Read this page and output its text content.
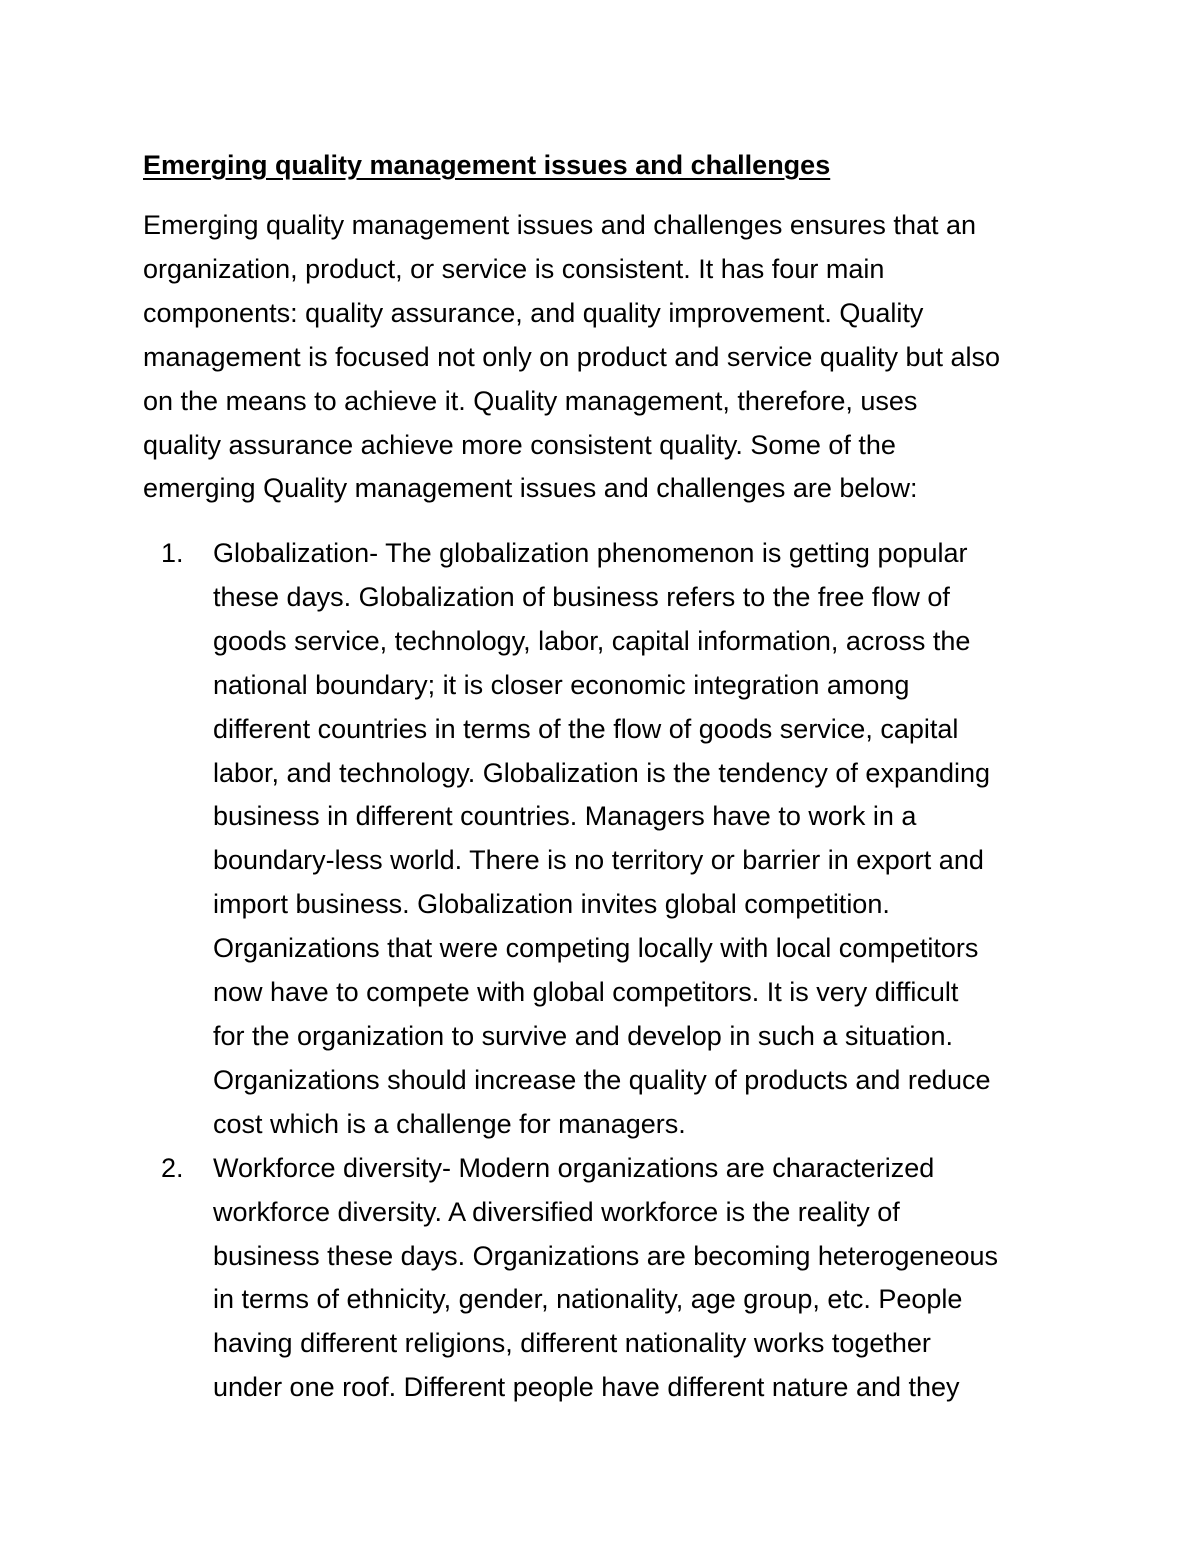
Emerging quality management issues and challenges
Emerging quality management issues and challenges ensures that an
organization, product, or service is consistent. It has four main
components: quality assurance, and quality improvement. Quality
management is focused not only on product and service quality but also
on the means to achieve it. Quality management, therefore, uses
quality assurance achieve more consistent quality. Some of the
emerging Quality management issues and challenges are below:
1.	Globalization- The globalization phenomenon is getting popular
these days. Globalization of business refers to the free flow of
goods service, technology, labor, capital information, across the
national boundary; it is closer economic integration among
different countries in terms of the flow of goods service, capital
labor, and technology. Globalization is the tendency of expanding
business in different countries. Managers have to work in a
boundary-less world. There is no territory or barrier in export and
import business. Globalization invites global competition.
Organizations that were competing locally with local competitors
now have to compete with global competitors. It is very difficult
for the organization to survive and develop in such a situation.
Organizations should increase the quality of products and reduce
cost which is a challenge for managers.
2.	Workforce diversity- Modern organizations are characterized
workforce diversity. A diversified workforce is the reality of
business these days. Organizations are becoming heterogeneous
in terms of ethnicity, gender, nationality, age group, etc. People
having different religions, different nationality works together
under one roof. Different people have different nature and they
